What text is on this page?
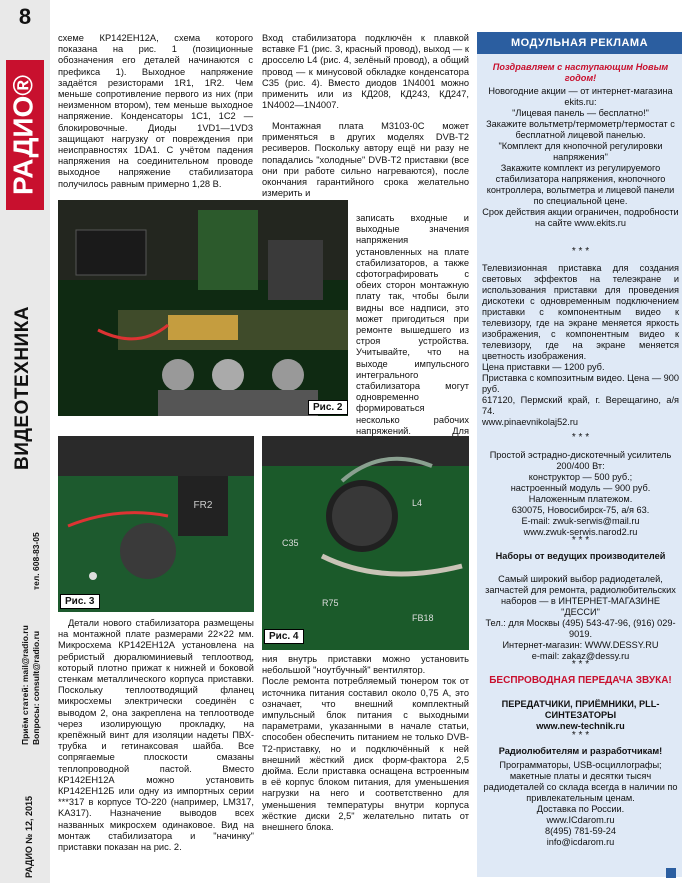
8
РАДИО®
ВИДЕОТЕХНИКА
тел. 608-83-05
Приём статей: mail@radio.ru Вопросы: consult@radio.ru
РАДИО № 12, 2015

схеме КР142ЕН12А, схема которого показана на рис. 1 (позиционные обозначения его деталей начинаются с префикса 1). Выходное напряжение задаётся резисторами 1R1, 1R2. Чем меньше сопротивление первого из них (при неизменном втором), тем меньше выходное напряжение. Конденсаторы 1С1, 1С2 — блокировочные. Диоды 1VD1—1VD3 защищают нагрузку от повреждения при неисправностях 1DA1. С учётом падения напряжения на соединительном проводе выходное напряжение стабилизатора получилось равным примерно 1,28 В.

Вход стабилизатора подключён к плавкой вставке F1 (рис. 3, красный провод), выход — к дросселю L4 (рис. 4, зелёный провод), а общий провод — к минусовой обкладке конденсатора С35 (рис. 4). Вместо диодов 1N4001 можно применить или из КД208, КД243, КД247, 1N4002—1N4007.

Монтажная плата М3103-0С может применяться в других моделях DVB-T2 ресиверов. Поскольку автору ещё ни разу не попадались "холодные" DVB-T2 приставки (все они при работе сильно нагреваются), после окончания гарантийного срока желательно измерить и

записать входные и выходные значения напряжения установленных на плате стабилизаторов, а также сфотографировать с обеих сторон монтажную плату так, чтобы были видны все надписи, это может пригодиться при ремонте вышедшего из строя устройства. Учитывайте, что на выходе импульсного интегрального стабилизатора могут одновременно формироваться несколько рабочих напряжений. Для

Рис. 2
FR2
Рис. 3
L4
C35
FB18
R75
Рис. 4

Детали нового стабилизатора размещены на монтажной плате размерами 22×22 мм. Микросхема КР142ЕН12А установлена на ребристый дюралюминиевый теплоотвод, который плотно прижат к нижней и боковой стенкам металлического корпуса приставки. Поскольку теплоотводящий фланец микросхемы электрически соединён с выводом 2, она закреплена на теплоотводе через изолирующую прокладку, на крепёжный винт для изоляции надеты ПВХ-трубка и гетинаксовая шайба. Все сопрягаемые плоскости смазаны теплопроводной пастой. Вместо КР142ЕН12А можно установить КР142ЕН12Б или одну из импортных серии ***317 в корпусе ТО-220 (например, LM317, KA317). Назначение выводов всех названных микросхем одинаковое. Вид на монтаж стабилизатора и "начинку" приставки показан на рис. 2.

ния внутрь приставки можно установить небольшой "ноутбучный" вентилятор.
После ремонта потребляемый тюнером ток от источника питания составил около 0,75 А, это означает, что внешний комплектный импульсный блок питания с выходными параметрами, указанными в начале статьи, способен обеспечить питанием не только DVB-T2-приставку, но и подключённый к ней внешний жёсткий диск форм-фактора 2,5 дюйма. Если приставка оснащена встроенным в её корпус блоком питания, для уменьшения нагрузки на него и соответственно для уменьшения температуры внутри корпуса жёсткие диски 2,5" желательно питать от внешнего блока.

МОДУЛЬНАЯ РЕКЛАМА

Поздравляем с наступающим Новым годом!

Новогодние акции — от интернет-магазина ekits.ru:
"Лицевая панель — бесплатно!"
Закажите вольтметр/термометр/термостат с бесплатной лицевой панелью.
"Комплект для кнопочной регулировки напряжения"
Закажите комплект из регулируемого стабилизатора напряжения, кнопочного контроллера, вольтметра и лицевой панели по специальной цене.
Срок действия акции ограничен, подробности на сайте www.ekits.ru

* * *

Телевизионная приставка для создания световых эффектов на телеэкране и использования приставки для проведения дискотеки с одновременным подключением приставки с компонентным видео к телевизору, где на экране меняется яркость изображения, с компонентным видео к телевизору, где на экране меняется цветность изображения.
Цена приставки — 1200 руб.
Приставка с композитным видео. Цена — 900 руб.
617120, Пермский край, г. Верещагино, а/я 74.
www.pinaevnikolaj52.ru

* * *

Простой эстрадно-дискотечный усилитель 200/400 Вт:
конструктор — 500 руб.;
настроенный модуль — 900 руб.
Наложенным платежом.
630075, Новосибирск-75, а/я 63.
E-mail: zwuk-serwis@mail.ru
www.zwuk-serwis.narod2.ru

* * *

Наборы от ведущих производителей

Самый широкий выбор радиодеталей, запчастей для ремонта, радиолюбительских наборов — в ИНТЕРНЕТ-МАГАЗИНЕ "ДЕССИ"
Тел.: для Москвы (495) 543-47-96, (916) 029-9019.
Интернет-магазин: WWW.DESSY.RU
e-mail: zakaz@dessy.ru

* * *

БЕСПРОВОДНАЯ ПЕРЕДАЧА ЗВУКА!

ПЕРЕДАТЧИКИ, ПРИЁМНИКИ, PLL-СИНТЕЗАТОРЫ
www.new-technik.ru

* * *

Радиолюбителям и разработчикам!

Программаторы, USB-осциллографы; макетные платы и десятки тысяч радиодеталей со склада всегда в наличии по привлекательным ценам.
Доставка по России.
www.ICdarom.ru
8(495) 781-59-24
info@icdarom.ru
